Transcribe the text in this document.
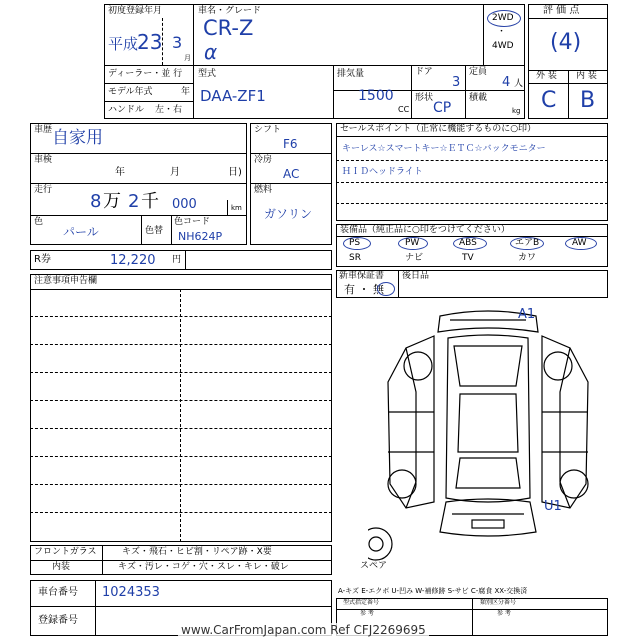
初度登録年月
平成
23 3
月
車名・グレード
CR-Z
α
2WD
・
4WD
ディーラー・並 行
モデル年式	年
ハンドル 左・右
型式
DAA-ZF1
排気量
1500
CC
ドア
3
定員
4 人
形状
CP
積載
kg
評 価 点
(4)
外 装 内 装
C B
車歴 自家用
車検
年	月	日)
走行
8 万 2 千 000	km
色
パール	色替
色コード
NH624P
シフト
F6
冷房
AC
燃料
ガソリン
R券	12,220 円
セールスポイント（正常に機能するものに○印）
キーレス☆スマートキー☆ＥＴＣ☆バックモニター
ＨＩＤヘッドライト
装備品（純正品に○印をつけてください）
PS	PW	ABS	エアB	AW
SR	ナビ	TV	カワ
新車保証書
有 ・ 無
後日品
注意事項申告欄
A1
U1
スペア
フロントガラス	キズ・飛石・ヒビ割・リペア跡・X要
内装	キズ・汚レ・コゲ・穴・スレ・キレ・破レ
車台番号 1024353
登録番号
A-キズ E-エクボ U-凹み W-補修跡 S-サビ C-腐食 XX-交換済
型式指定番号
参 考
類別区分番号
参 考
www.CarFromJapan.com Ref CFJ2269695
